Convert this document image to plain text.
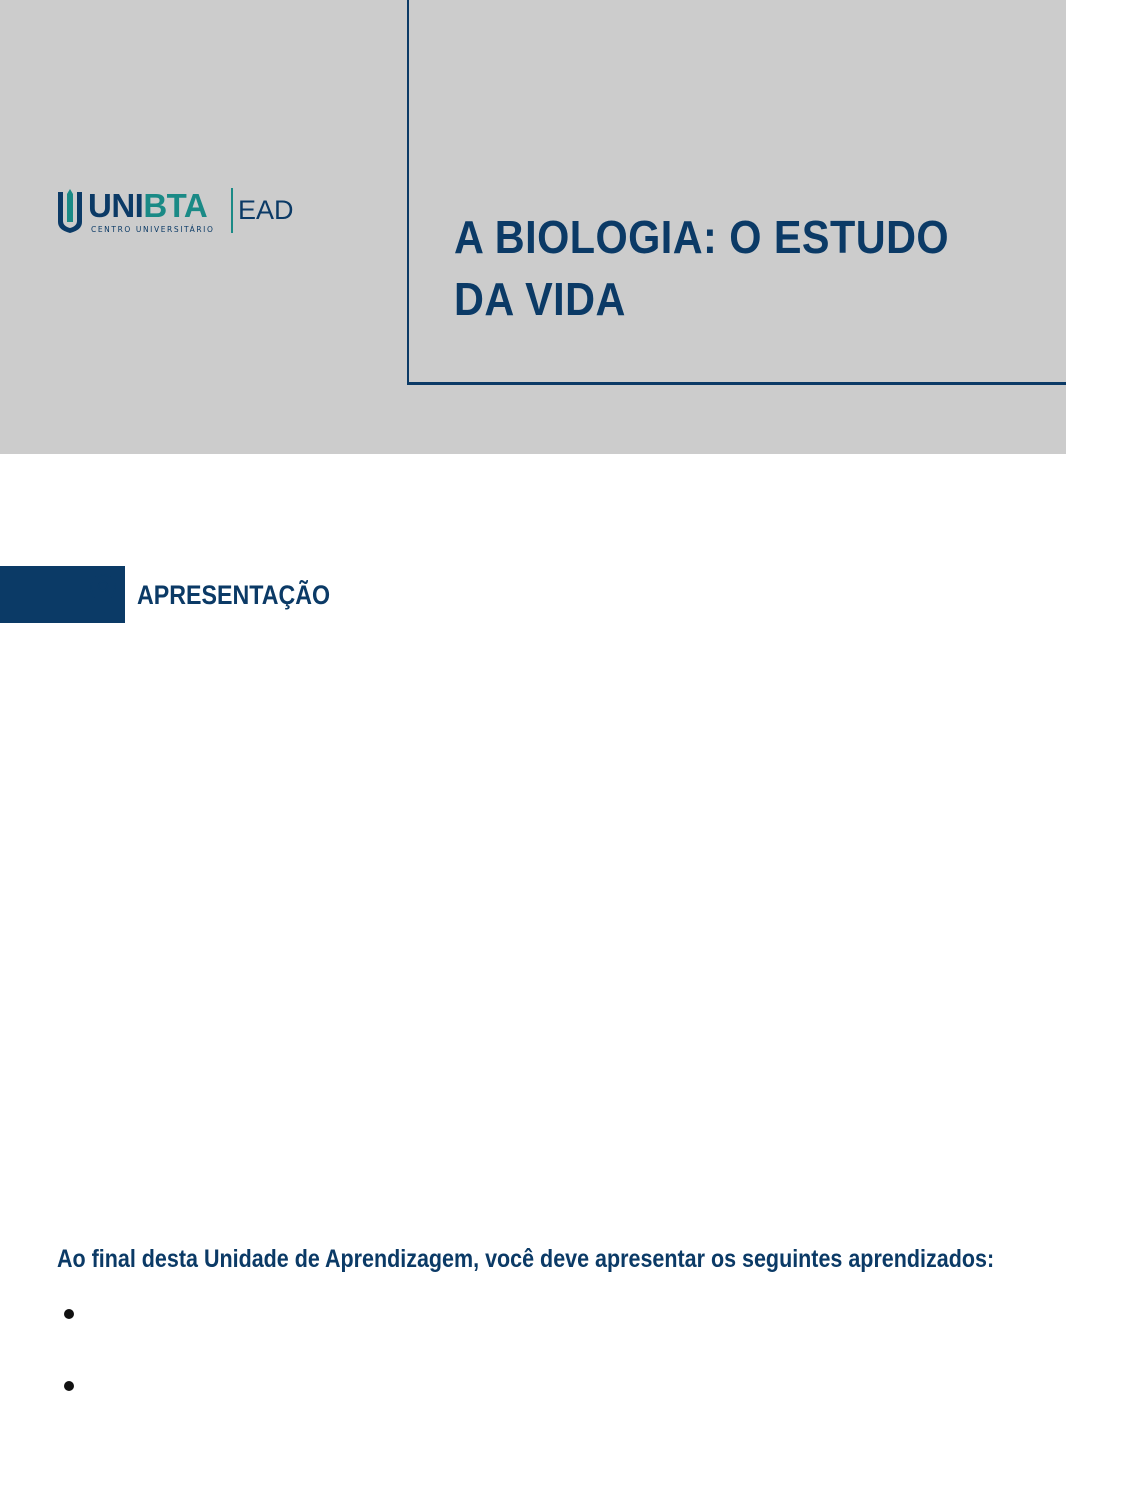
UNIBTA
CENTRO UNIVERSITÁRIO
EAD
A BIOLOGIA: O ESTUDO DA VIDA
APRESENTAÇÃO

Ao final desta Unidade de Aprendizagem, você deve apresentar os seguintes aprendizados:
